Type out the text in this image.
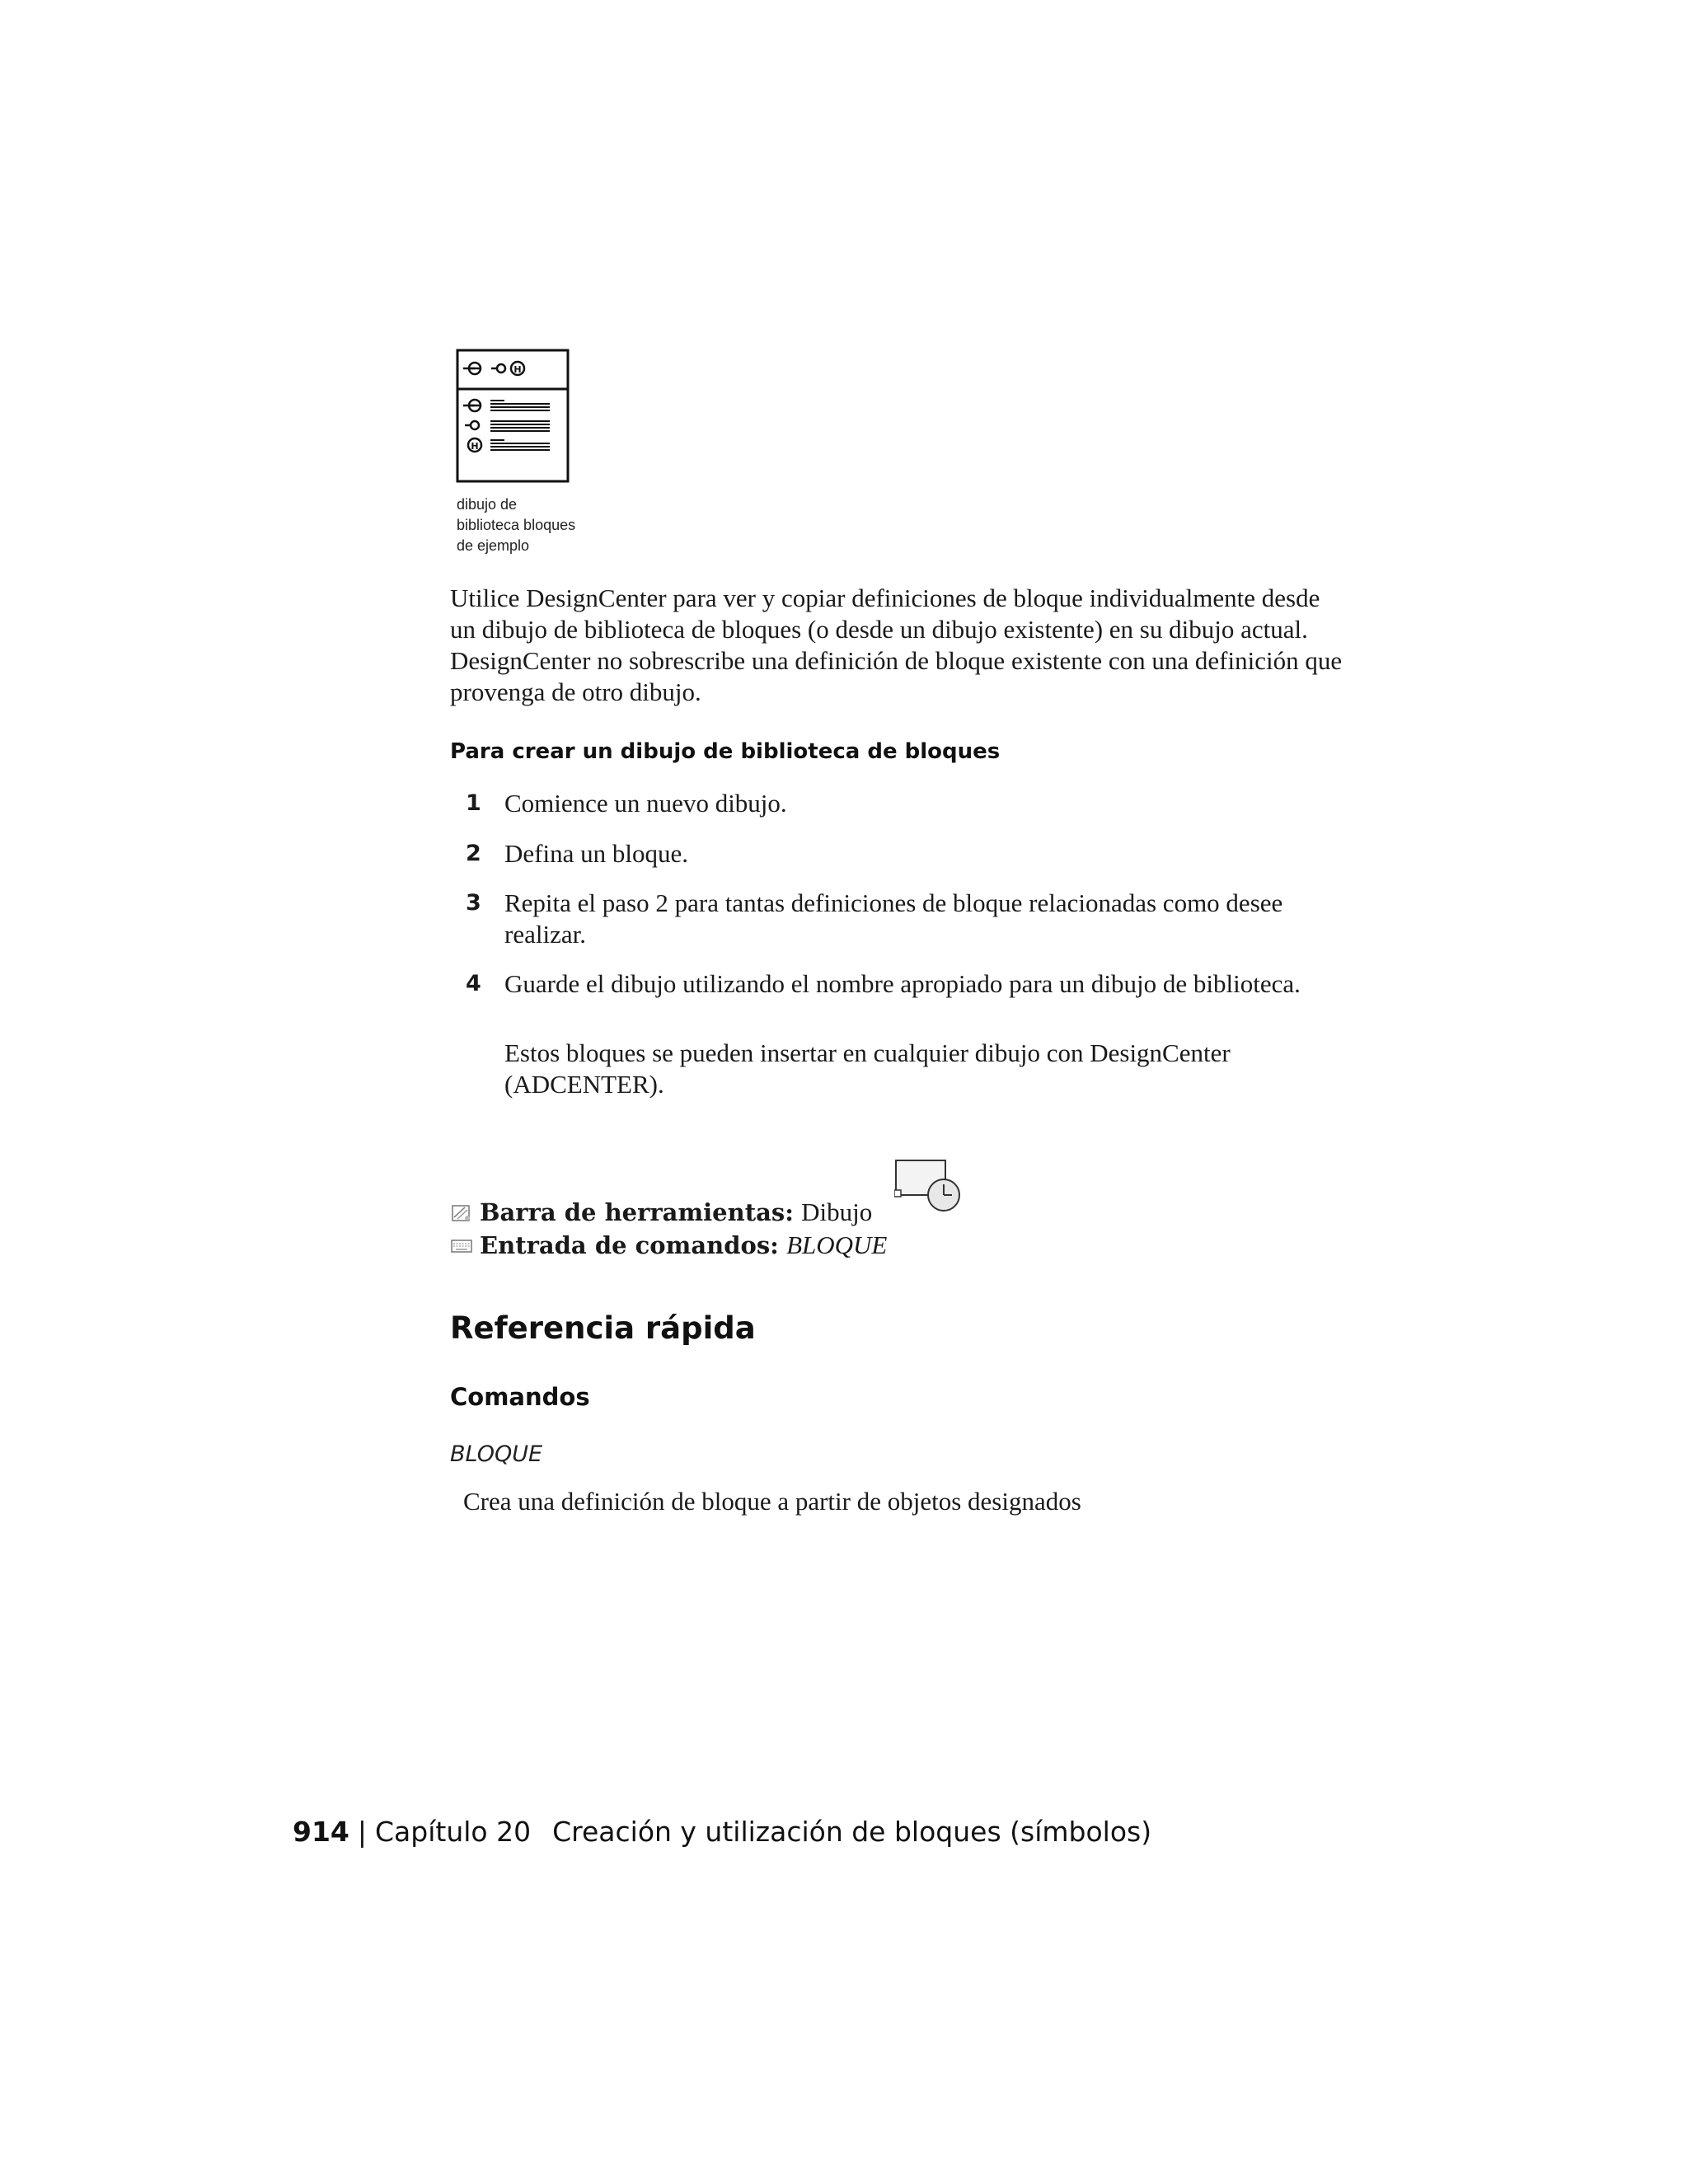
H
H
dibujo de
biblioteca bloques
de ejemplo
Utilice DesignCenter para ver y copiar definiciones de bloque individualmente desde un dibujo de biblioteca de bloques (o desde un dibujo existente) en su dibujo actual. DesignCenter no sobrescribe una definición de bloque existente con una definición que provenga de otro dibujo.
Para crear un dibujo de biblioteca de bloques
1 Comience un nuevo dibujo.
2 Defina un bloque.
3 Repita el paso 2 para tantas definiciones de bloque relacionadas como desee realizar.
4 Guarde el dibujo utilizando el nombre apropiado para un dibujo de biblioteca.
Estos bloques se pueden insertar en cualquier dibujo con DesignCenter (ADCENTER).
Barra de herramientas: Dibujo
Entrada de comandos: BLOQUE
Referencia rápida
Comandos
BLOQUE
Crea una definición de bloque a partir de objetos designados
914 | Capítulo 20 Creación y utilización de bloques (símbolos)
